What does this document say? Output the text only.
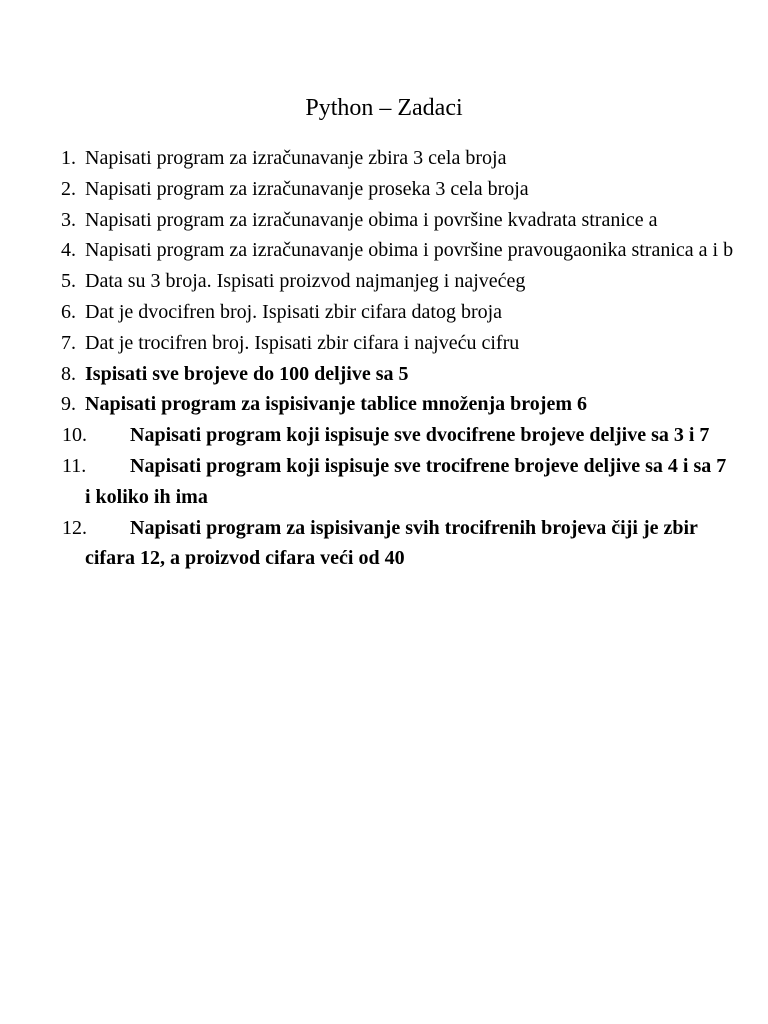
Python – Zadaci
1. Napisati program za izračunavanje zbira 3 cela broja
2. Napisati program za izračunavanje proseka 3 cela broja
3. Napisati program za izračunavanje obima i površine kvadrata stranice a
4. Napisati program za izračunavanje obima i površine pravougaonika stranica a i b
5. Data su 3 broja. Ispisati proizvod najmanjeg i najvećeg
6. Dat je dvocifren broj. Ispisati zbir cifara datog broja
7. Dat je trocifren broj. Ispisati zbir cifara i najveću cifru
8. Ispisati sve brojeve do 100 deljive sa 5
9. Napisati program za ispisivanje tablice množenja brojem 6
10.	Napisati program koji ispisuje sve dvocifrene brojeve deljive sa 3 i 7
11.	Napisati program koji ispisuje sve trocifrene brojeve deljive sa 4 i sa 7 i koliko ih ima
12.	Napisati program za ispisivanje svih trocifrenih brojeva čiji je zbir cifara 12, a proizvod cifara veći od 40
